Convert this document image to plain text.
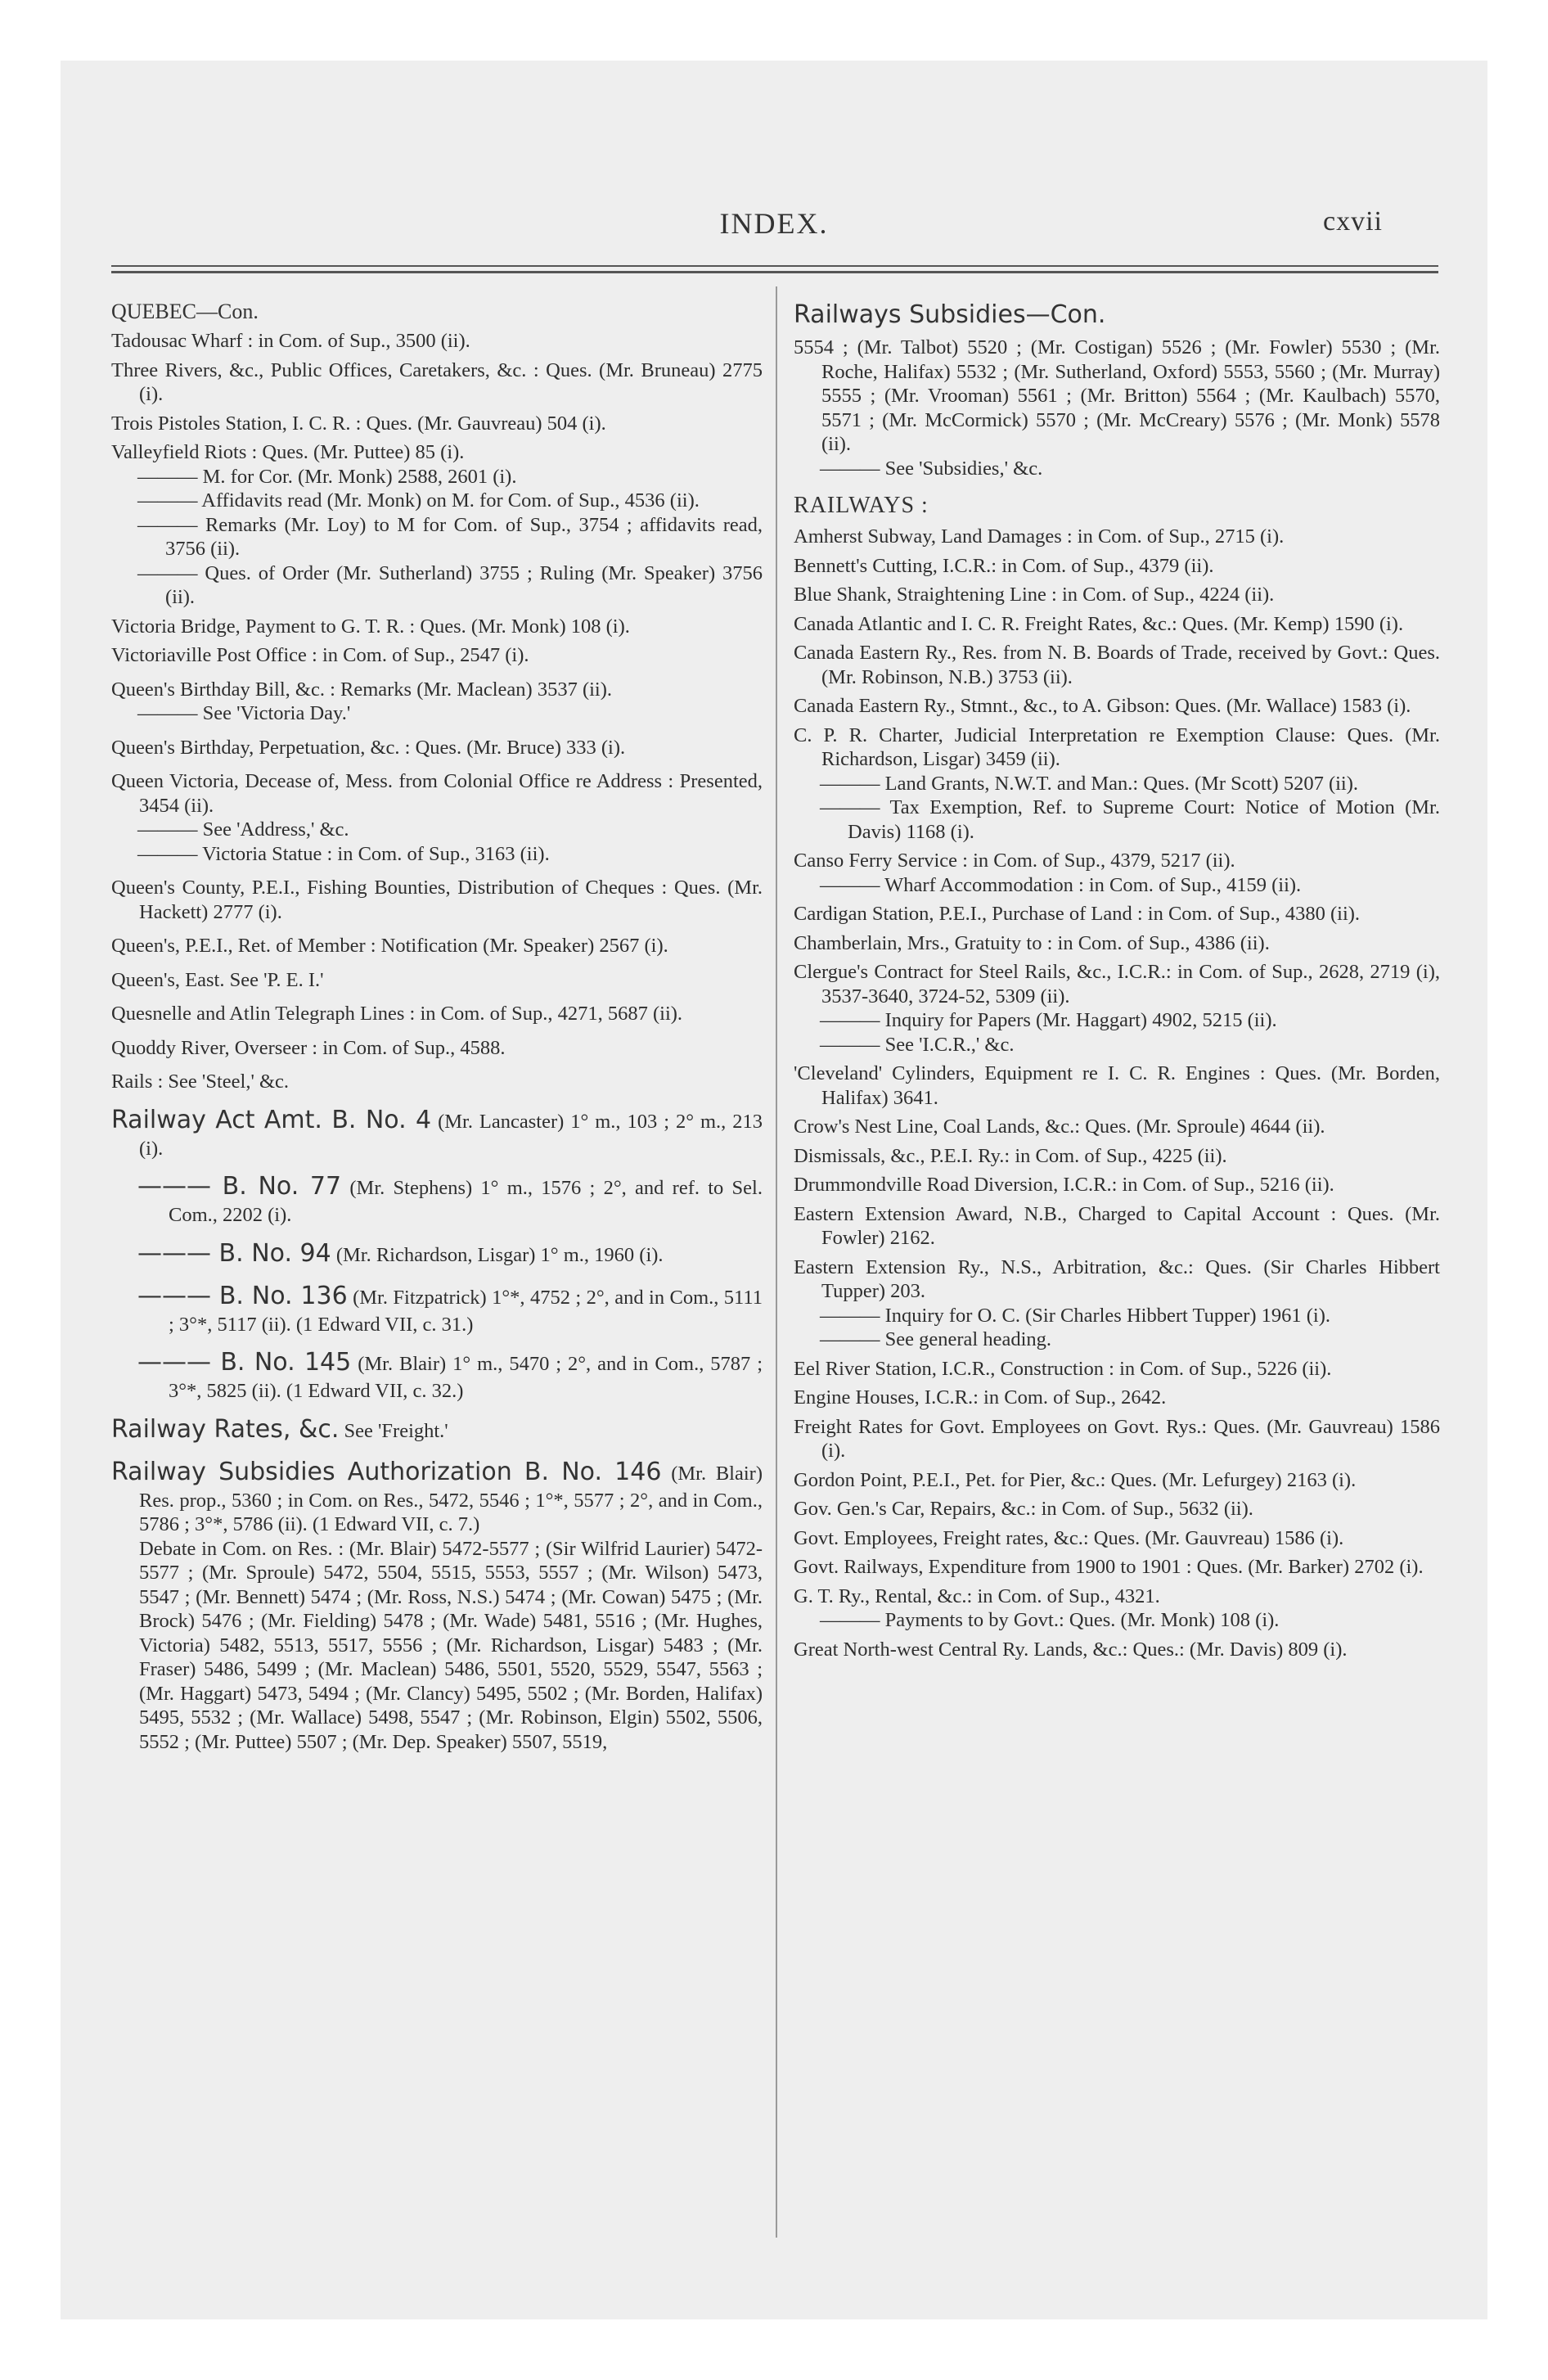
INDEX.	cxvii

QUEBEC—Con.

Tadousac Wharf : in Com. of Sup., 3500 (ii).

Three Rivers, &c., Public Offices, Caretakers, &c. : Ques. (Mr. Bruneau) 2775 (i).

Trois Pistoles Station, I. C. R. : Ques. (Mr. Gauvreau) 504 (i).

Valleyfield Riots : Ques. (Mr. Puttee) 85 (i).

——— M. for Cor. (Mr. Monk) 2588, 2601 (i).

——— Affidavits read (Mr. Monk) on M. for Com. of Sup., 4536 (ii).

——— Remarks (Mr. Loy) to M for Com. of Sup., 3754 ; affidavits read, 3756 (ii).

——— Ques. of Order (Mr. Sutherland) 3755 ; Ruling (Mr. Speaker) 3756 (ii).

Victoria Bridge, Payment to G. T. R. : Ques. (Mr. Monk) 108 (i).

Victoriaville Post Office : in Com. of Sup., 2547 (i).

Queen's Birthday Bill, &c. : Remarks (Mr. Maclean) 3537 (ii).

——— See 'Victoria Day.'

Queen's Birthday, Perpetuation, &c. : Ques. (Mr. Bruce) 333 (i).

Queen Victoria, Decease of, Mess. from Colonial Office re Address : Presented, 3454 (ii).

——— See 'Address,' &c.

——— Victoria Statue : in Com. of Sup., 3163 (ii).

Queen's County, P.E.I., Fishing Bounties, Distribution of Cheques : Ques. (Mr. Hackett) 2777 (i).

Queen's, P.E.I., Ret. of Member : Notification (Mr. Speaker) 2567 (i).

Queen's, East. See 'P. E. I.'

Quesnelle and Atlin Telegraph Lines : in Com. of Sup., 4271, 5687 (ii).

Quoddy River, Overseer : in Com. of Sup., 4588.

Rails : See 'Steel,' &c.

Railway Act Amt. B. No. 4 (Mr. Lancaster) 1° m., 103 ; 2° m., 213 (i).

——— B. No. 77 (Mr. Stephens) 1° m., 1576 ; 2°, and ref. to Sel. Com., 2202 (i).

——— B. No. 94 (Mr. Richardson, Lisgar) 1° m., 1960 (i).

——— B. No. 136 (Mr. Fitzpatrick) 1°*, 4752 ; 2°, and in Com., 5111 ; 3°*, 5117 (ii). (1 Edward VII, c. 31.)

——— B. No. 145 (Mr. Blair) 1° m., 5470 ; 2°, and in Com., 5787 ; 3°*, 5825 (ii). (1 Edward VII, c. 32.)

Railway Rates, &c. See 'Freight.'

Railway Subsidies Authorization B. No. 146 (Mr. Blair) Res. prop., 5360 ; in Com. on Res., 5472, 5546 ; 1°*, 5577 ; 2°, and in Com., 5786 ; 3°*, 5786 (ii). (1 Edward VII, c. 7.)

Debate in Com. on Res. : (Mr. Blair) 5472-5577 ; (Sir Wilfrid Laurier) 5472-5577 ; (Mr. Sproule) 5472, 5504, 5515, 5553, 5557 ; (Mr. Wilson) 5473, 5547 ; (Mr. Bennett) 5474 ; (Mr. Ross, N.S.) 5474 ; (Mr. Cowan) 5475 ; (Mr. Brock) 5476 ; (Mr. Fielding) 5478 ; (Mr. Wade) 5481, 5516 ; (Mr. Hughes, Victoria) 5482, 5513, 5517, 5556 ; (Mr. Richardson, Lisgar) 5483 ; (Mr. Fraser) 5486, 5499 ; (Mr. Maclean) 5486, 5501, 5520, 5529, 5547, 5563 ; (Mr. Haggart) 5473, 5494 ; (Mr. Clancy) 5495, 5502 ; (Mr. Borden, Halifax) 5495, 5532 ; (Mr. Wallace) 5498, 5547 ; (Mr. Robinson, Elgin) 5502, 5506, 5552 ; (Mr. Puttee) 5507 ; (Mr. Dep. Speaker) 5507, 5519,

Railways Subsidies—Con.

5554 ; (Mr. Talbot) 5520 ; (Mr. Costigan) 5526 ; (Mr. Fowler) 5530 ; (Mr. Roche, Halifax) 5532 ; (Mr. Sutherland, Oxford) 5553, 5560 ; (Mr. Murray) 5555 ; (Mr. Vrooman) 5561 ; (Mr. Britton) 5564 ; (Mr. Kaulbach) 5570, 5571 ; (Mr. McCormick) 5570 ; (Mr. McCreary) 5576 ; (Mr. Monk) 5578 (ii).

——— See 'Subsidies,' &c.

RAILWAYS :

Amherst Subway, Land Damages : in Com. of Sup., 2715 (i).

Bennett's Cutting, I.C.R.: in Com. of Sup., 4379 (ii).

Blue Shank, Straightening Line : in Com. of Sup., 4224 (ii).

Canada Atlantic and I. C. R. Freight Rates, &c.: Ques. (Mr. Kemp) 1590 (i).

Canada Eastern Ry., Res. from N. B. Boards of Trade, received by Govt.: Ques. (Mr. Robinson, N.B.) 3753 (ii).

Canada Eastern Ry., Stmnt., &c., to A. Gibson: Ques. (Mr. Wallace) 1583 (i).

C. P. R. Charter, Judicial Interpretation re Exemption Clause: Ques. (Mr. Richardson, Lisgar) 3459 (ii).

——— Land Grants, N.W.T. and Man.: Ques. (Mr Scott) 5207 (ii).

——— Tax Exemption, Ref. to Supreme Court: Notice of Motion (Mr. Davis) 1168 (i).

Canso Ferry Service : in Com. of Sup., 4379, 5217 (ii).

——— Wharf Accommodation : in Com. of Sup., 4159 (ii).

Cardigan Station, P.E.I., Purchase of Land : in Com. of Sup., 4380 (ii).

Chamberlain, Mrs., Gratuity to : in Com. of Sup., 4386 (ii).

Clergue's Contract for Steel Rails, &c., I.C.R.: in Com. of Sup., 2628, 2719 (i), 3537-3640, 3724-52, 5309 (ii).

——— Inquiry for Papers (Mr. Haggart) 4902, 5215 (ii).

——— See 'I.C.R.,' &c.

'Cleveland' Cylinders, Equipment re I. C. R. Engines : Ques. (Mr. Borden, Halifax) 3641.

Crow's Nest Line, Coal Lands, &c.: Ques. (Mr. Sproule) 4644 (ii).

Dismissals, &c., P.E.I. Ry.: in Com. of Sup., 4225 (ii).

Drummondville Road Diversion, I.C.R.: in Com. of Sup., 5216 (ii).

Eastern Extension Award, N.B., Charged to Capital Account : Ques. (Mr. Fowler) 2162.

Eastern Extension Ry., N.S., Arbitration, &c.: Ques. (Sir Charles Hibbert Tupper) 203.

——— Inquiry for O. C. (Sir Charles Hibbert Tupper) 1961 (i).

——— See general heading.

Eel River Station, I.C.R., Construction : in Com. of Sup., 5226 (ii).

Engine Houses, I.C.R.: in Com. of Sup., 2642.

Freight Rates for Govt. Employees on Govt. Rys.: Ques. (Mr. Gauvreau) 1586 (i).

Gordon Point, P.E.I., Pet. for Pier, &c.: Ques. (Mr. Lefurgey) 2163 (i).

Gov. Gen.'s Car, Repairs, &c.: in Com. of Sup., 5632 (ii).

Govt. Employees, Freight rates, &c.: Ques. (Mr. Gauvreau) 1586 (i).

Govt. Railways, Expenditure from 1900 to 1901 : Ques. (Mr. Barker) 2702 (i).

G. T. Ry., Rental, &c.: in Com. of Sup., 4321.

——— Payments to by Govt.: Ques. (Mr. Monk) 108 (i).

Great North-west Central Ry. Lands, &c.: Ques.: (Mr. Davis) 809 (i).
